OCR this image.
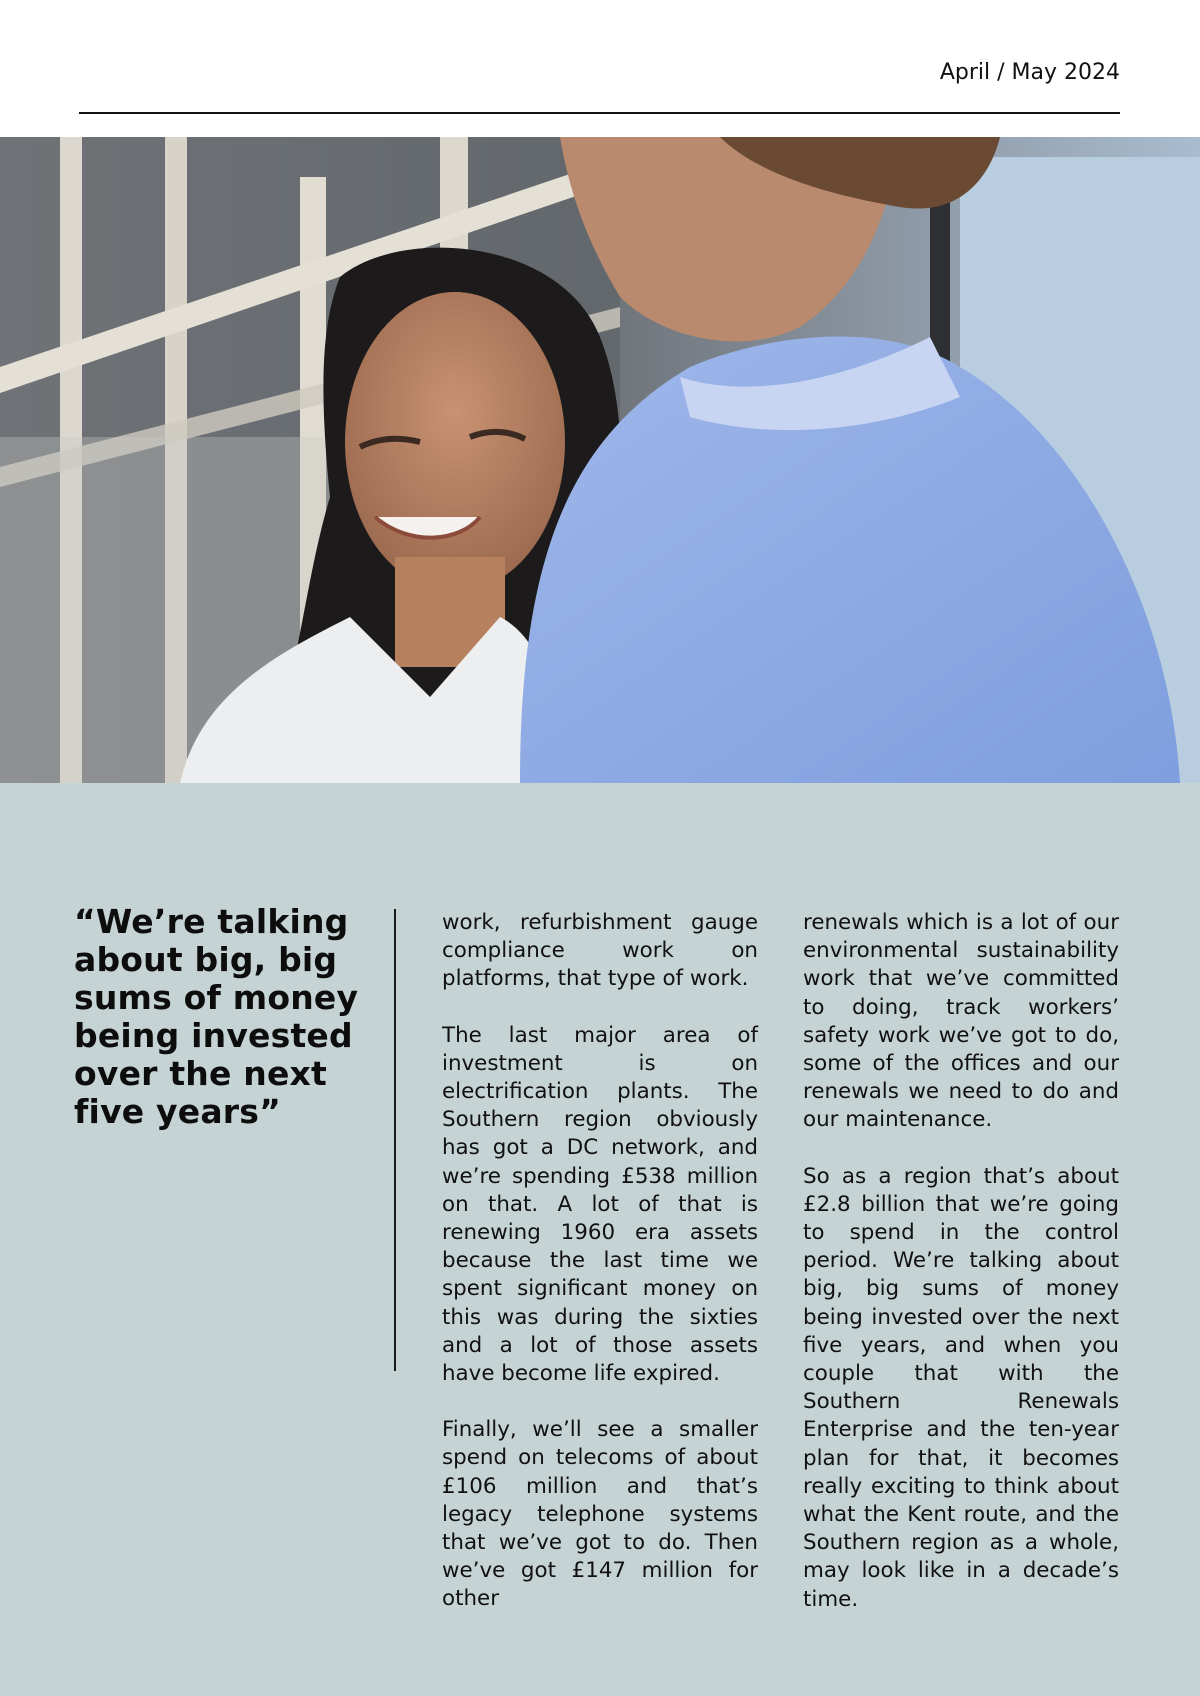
April / May 2024
“We’re talking about big, big sums of money being invested over the next five years”

work, refurbishment gauge compliance work on platforms, that type of work.

The last major area of investment is on electrification plants. The Southern region obviously has got a DC network, and we’re spending £538 million on that. A lot of that is renewing 1960 era assets because the last time we spent significant money on this was during the sixties and a lot of those assets have become life expired.

Finally, we’ll see a smaller spend on telecoms of about £106 million and that’s legacy telephone systems that we’ve got to do. Then we’ve got £147 million for other

renewals which is a lot of our environmental sustainability work that we’ve committed to doing, track workers’ safety work we’ve got to do, some of the offices and our renewals we need to do and our maintenance.

So as a region that’s about £2.8 billion that we’re going to spend in the control period. We’re talking about big, big sums of money being invested over the next five years, and when you couple that with the Southern Renewals Enterprise and the ten-year plan for that, it becomes really exciting to think about what the Kent route, and the Southern region as a whole, may look like in a decade’s time.
